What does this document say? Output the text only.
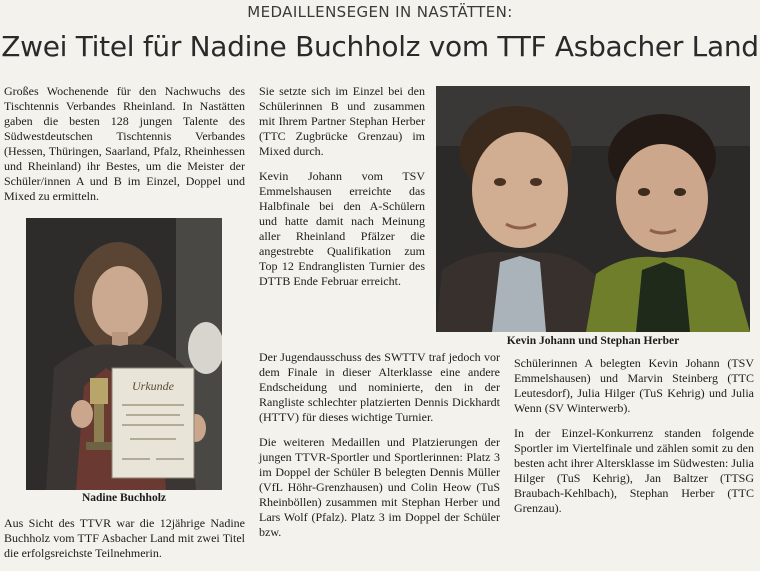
MEDAILLENSEGEN IN NASTÄTTEN:
Zwei Titel für Nadine Buchholz vom TTF Asbacher Land

Großes Wochenende für den Nachwuchs des Tischtennis Verbandes Rheinland. In Nastätten gaben die besten 128 jungen Talente des Südwestdeutschen Tischtennis Verbandes (Hessen, Thüringen, Saarland, Pfalz, Rheinhessen und Rheinland) ihr Bestes, um die Meister der Schüler/innen A und B im Einzel, Doppel und Mixed zu ermitteln.

Urkunde
Nadine Buchholz

Aus Sicht des TTVR war die 12jährige Nadine Buchholz vom TTF Asbacher Land mit zwei Titel die erfolgsreichste Teilnehmerin.

Sie setzte sich im Einzel bei den Schülerinnen B und zusammen mit Ihrem Partner Stephan Herber (TTC Zugbrücke Grenzau) im Mixed durch.

Kevin Johann vom TSV Emmelshausen erreichte das Halbfinale bei den A-Schülern und hatte damit nach Meinung aller Rheinland Pfälzer die angestrebte Qualifikation zum Top 12 Endranglisten Turnier des DTTB Ende Februar erreicht.

Kevin Johann und Stephan Herber

Der Jugendausschuss des SWTTV traf jedoch vor dem Finale in dieser Alterklasse eine andere Endscheidung und nominierte, den in der Rangliste schlechter platzierten Dennis Dickhardt (HTTV) für dieses wichtige Turnier.

Die weiteren Medaillen und Platzierungen der jungen TTVR-Sportler und Sportlerinnen: Platz 3 im Doppel der Schüler B belegten Dennis Müller (VfL Höhr-Grenzhausen) und Colin Heow (TuS Rheinböllen) zusammen mit Stephan Herber und Lars Wolf (Pfalz). Platz 3 im Doppel der Schüler bzw.

Schülerinnen A belegten Kevin Johann (TSV Emmelshausen) und Marvin Steinberg (TTC Leutesdorf), Julia Hilger (TuS Kehrig) und Julia Wenn (SV Winterwerb).

In der Einzel-Konkurrenz standen folgende Sportler im Viertelfinale und zählen somit zu den besten acht ihrer Altersklasse im Südwesten: Julia Hilger (TuS Kehrig), Jan Baltzer (TTSG Braubach-Kehlbach), Stephan Herber (TTC Grenzau).
